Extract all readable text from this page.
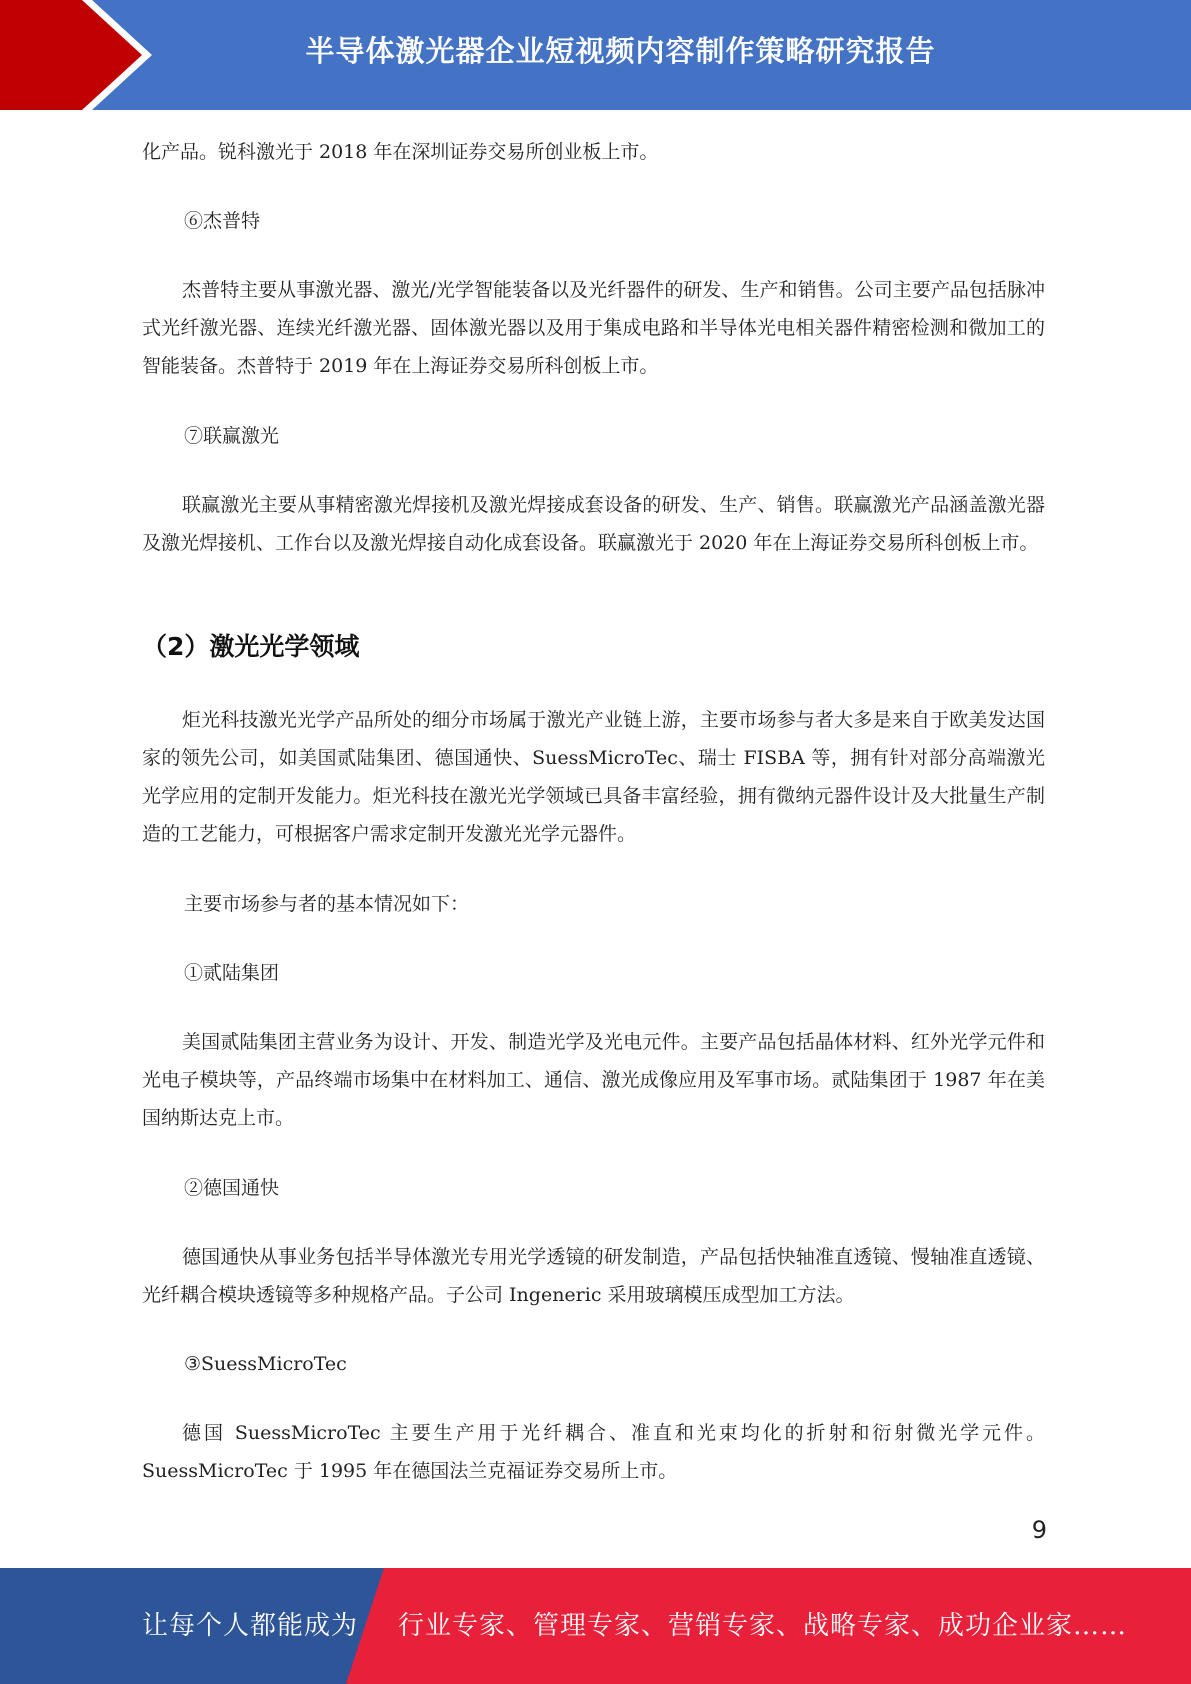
半导体激光器企业短视频内容制作策略研究报告

化产品。锐科激光于 2018 年在深圳证券交易所创业板上市。

⑥杰普特

杰普特主要从事激光器、激光/光学智能装备以及光纤器件的研发、生产和销售。公司主要产品包括脉冲式光纤激光器、连续光纤激光器、固体激光器以及用于集成电路和半导体光电相关器件精密检测和微加工的智能装备。杰普特于 2019 年在上海证券交易所科创板上市。

⑦联赢激光

联赢激光主要从事精密激光焊接机及激光焊接成套设备的研发、生产、销售。联赢激光产品涵盖激光器及激光焊接机、工作台以及激光焊接自动化成套设备。联赢激光于 2020 年在上海证券交易所科创板上市。

（2）激光光学领域

炬光科技激光光学产品所处的细分市场属于激光产业链上游，主要市场参与者大多是来自于欧美发达国家的领先公司，如美国贰陆集团、德国通快、SuessMicroTec、瑞士 FISBA 等，拥有针对部分高端激光光学应用的定制开发能力。炬光科技在激光光学领域已具备丰富经验，拥有微纳元器件设计及大批量生产制造的工艺能力，可根据客户需求定制开发激光光学元器件。

主要市场参与者的基本情况如下：

①贰陆集团

美国贰陆集团主营业务为设计、开发、制造光学及光电元件。主要产品包括晶体材料、红外光学元件和光电子模块等，产品终端市场集中在材料加工、通信、激光成像应用及军事市场。贰陆集团于 1987 年在美国纳斯达克上市。

②德国通快

德国通快从事业务包括半导体激光专用光学透镜的研发制造，产品包括快轴准直透镜、慢轴准直透镜、光纤耦合模块透镜等多种规格产品。子公司 Ingeneric 采用玻璃模压成型加工方法。

③SuessMicroTec

德国 SuessMicroTec 主要生产用于光纤耦合、准直和光束均化的折射和衍射微光学元件。SuessMicroTec 于 1995 年在德国法兰克福证券交易所上市。

9
让每个人都能成为 行业专家、管理专家、营销专家、战略专家、成功企业家……
